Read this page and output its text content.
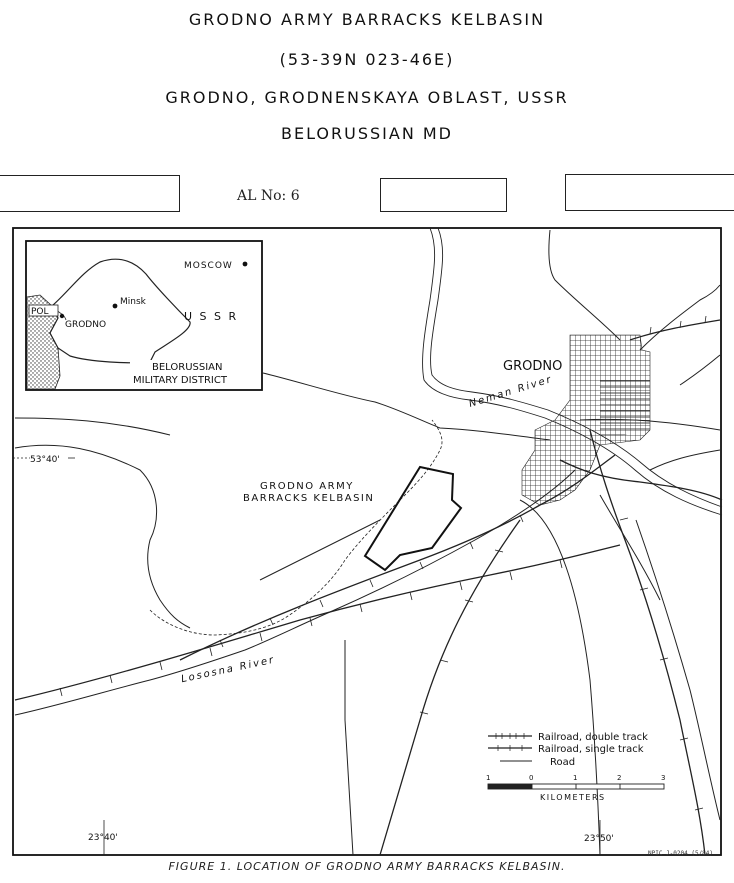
GRODNO ARMY BARRACKS KELBASIN
(53-39N 023-46E)
GRODNO, GRODNENSKAYA OBLAST, USSR
BELORUSSIAN MD
AL No: 6
MOSCOW
Minsk
POL
GRODNO
U S S R
BELORUSSIAN
MILITARY DISTRICT
GRODNO
Neman River
Lososna River
GRODNO ARMY
BARRACKS KELBASIN
53°40'
23°40'	23°50'
Railroad, double track
Railroad, single track
Road
1	0	1	2	3
KILOMETERS
NPIC J-0204 (5/84)
FIGURE 1. LOCATION OF GRODNO ARMY BARRACKS KELBASIN.
